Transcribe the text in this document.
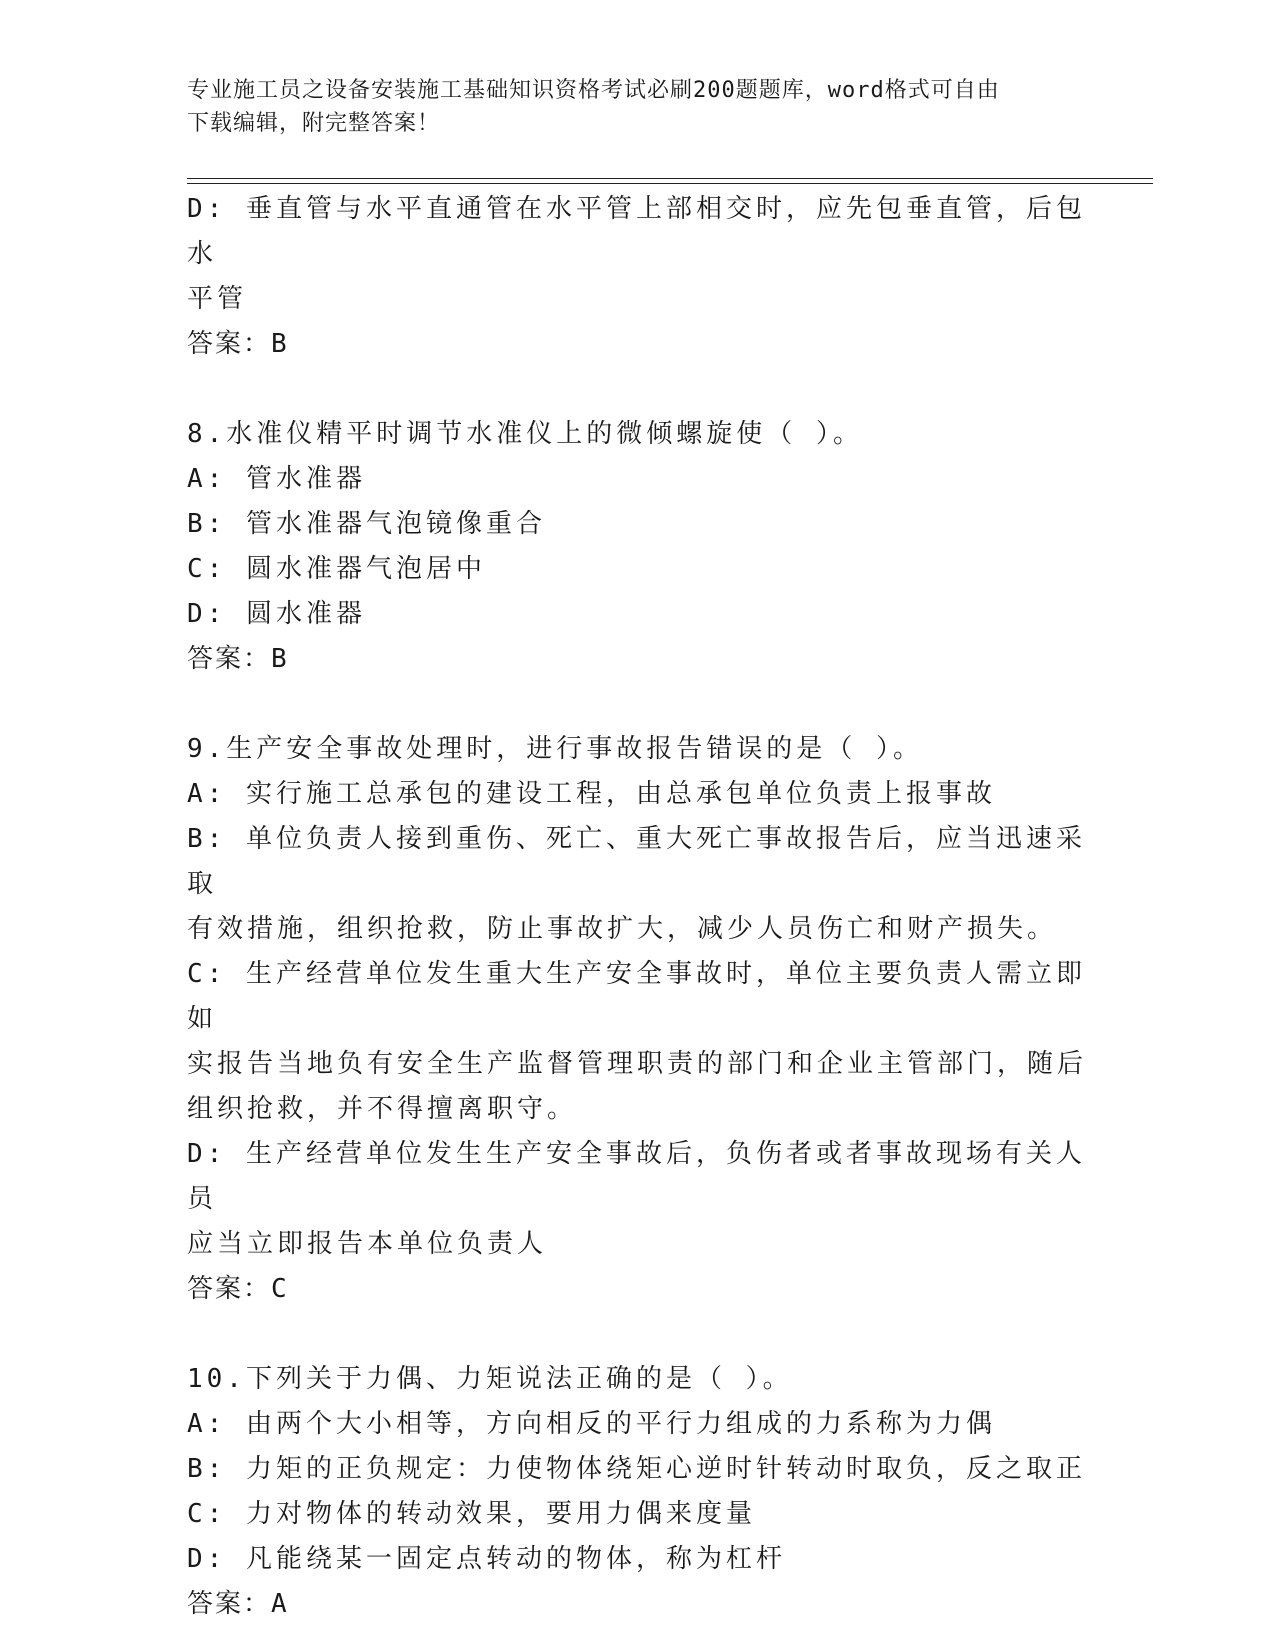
专业施工员之设备安装施工基础知识资格考试必刷200题题库，word格式可自由
下载编辑，附完整答案！

D: 垂直管与水平直通管在水平管上部相交时，应先包垂直管，后包水

平管

答案：B

8.水准仪精平时调节水准仪上的微倾螺旋使（ ）。

A: 管水准器

B: 管水准器气泡镜像重合

C: 圆水准器气泡居中

D: 圆水准器

答案：B

9.生产安全事故处理时，进行事故报告错误的是（ ）。

A: 实行施工总承包的建设工程，由总承包单位负责上报事故

B: 单位负责人接到重伤、死亡、重大死亡事故报告后，应当迅速采取

有效措施，组织抢救，防止事故扩大，减少人员伤亡和财产损失。

C: 生产经营单位发生重大生产安全事故时，单位主要负责人需立即如

实报告当地负有安全生产监督管理职责的部门和企业主管部门，随后

组织抢救，并不得擅离职守。

D: 生产经营单位发生生产安全事故后，负伤者或者事故现场有关人员

应当立即报告本单位负责人

答案：C

10.下列关于力偶、力矩说法正确的是（ ）。

A: 由两个大小相等，方向相反的平行力组成的力系称为力偶

B: 力矩的正负规定：力使物体绕矩心逆时针转动时取负，反之取正

C: 力对物体的转动效果，要用力偶来度量

D: 凡能绕某一固定点转动的物体，称为杠杆

答案：A
